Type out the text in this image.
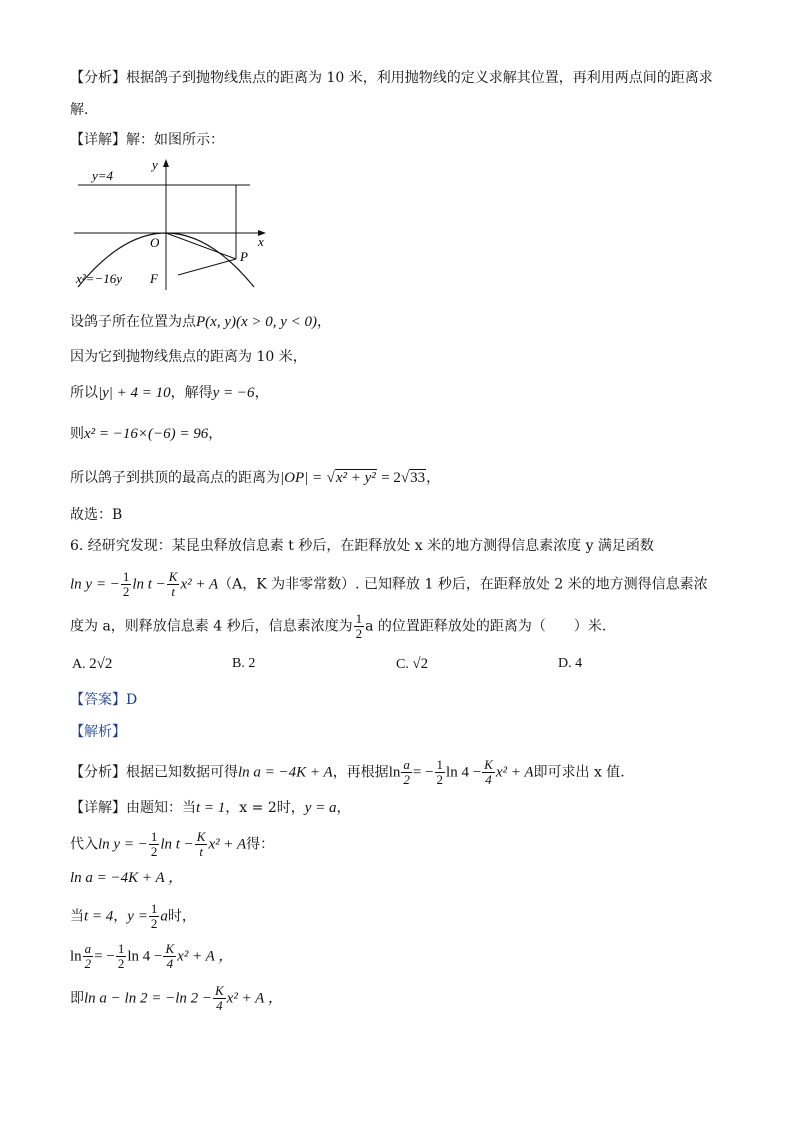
【分析】根据鸽子到抛物线焦点的距离为 10 米，利用抛物线的定义求解其位置，再利用两点间的距离求
解.
【详解】解：如图所示：
y=4
y
x
O
P
F
x²=−16y
设鸽子所在位置为点P(x, y)(x > 0, y < 0)，
因为它到抛物线焦点的距离为 10 米，
所以|y| + 4 = 10，解得y = −6，
则x² = −16×(−6) = 96，
所以鸽子到拱顶的最高点的距离为|OP| = √x² + y² = 2√33，
故选：B
6. 经研究发现：某昆虫释放信息素 t 秒后，在距释放处 x 米的地方测得信息素浓度 y 满足函数
ln y = − $\frac{1}{2}$ $\ln t - \frac{K}{t} x^2 + A(A$，K 为非零常数）. 已知释放 1 秒后，在距释放处 2 米的地方测得信息素浓
度为 a，则释放信息素 4 秒后，信息素浓度为 $\frac{1}{2}$ a 的位置距释放处的距离为（　　）米.
A. 2√2	B. 2	C. √2	D. 4
【答案】D
【解析】
【分析】根据已知数据可得ln a = −4K + A，再根据$\ln \frac{a}{2}$ = − $\frac{1}{2}$ $\ln 4 - \frac{K}{4} x^2 + A$即可求出 x 值.
【详解】由题知：当t = 1，x = 2时，y = a，
代入ln y = − $\frac{1}{2}$ $\ln t - \frac{K}{t} x^2 + A$得：
ln a = −4K + A ，
当t = 4，$y = \frac{1}{2}$ a时，
$\ln \frac{a}{2}$ = − $\frac{1}{2}$ $\ln 4 - \frac{K}{4} x^2 + A$ ，
即ln a − ln 2 = −ln $2 - \frac{K}{4} x^2 + A$ ，
